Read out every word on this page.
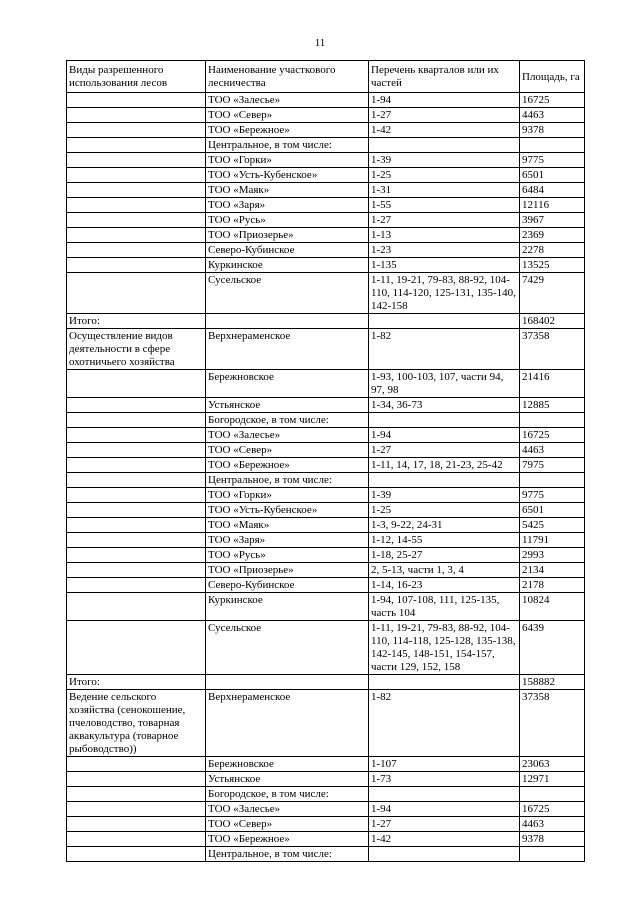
11
Виды разрешенного использования лесов	Наименование участкового лесничества	Перечень кварталов или их частей	Площадь, га
	ТОО «Залесье»	1-94	16725
	ТОО «Север»	1-27	4463
	ТОО «Бережное»	1-42	9378
	Центральное, в том числе:		
	ТОО «Горки»	1-39	9775
	ТОО «Усть-Кубенское»	1-25	6501
	ТОО «Маяк»	1-31	6484
	ТОО «Заря»	1-55	12116
	ТОО «Русь»	1-27	3967
	ТОО «Приозерье»	1-13	2369
	Северо-Кубинское	1-23	2278
	Куркинское	1-135	13525
	Сусельское	1-11, 19-21, 79-83, 88-92, 104-110, 114-120, 125-131, 135-140, 142-158	7429
Итого:			168402
Осуществление видов деятельности в сфере охотничьего хозяйства	Верхнераменское	1-82	37358
	Бережновское	1-93, 100-103, 107, части 94, 97, 98	21416
	Устьянское	1-34, 36-73	12885
	Богородское, в том числе:		
	ТОО «Залесье»	1-94	16725
	ТОО «Север»	1-27	4463
	ТОО «Бережное»	1-11, 14, 17, 18, 21-23, 25-42	7975
	Центральное, в том числе:		
	ТОО «Горки»	1-39	9775
	ТОО «Усть-Кубенское»	1-25	6501
	ТОО «Маяк»	1-3, 9-22, 24-31	5425
	ТОО «Заря»	1-12, 14-55	11791
	ТОО «Русь»	1-18, 25-27	2993
	ТОО «Приозерье»	2, 5-13, части 1, 3, 4	2134
	Северо-Кубинское	1-14, 16-23	2178
	Куркинское	1-94, 107-108, 111, 125-135, часть 104	10824
	Сусельское	1-11, 19-21, 79-83, 88-92, 104-110, 114-118, 125-128, 135-138, 142-145, 148-151, 154-157, части 129, 152, 158	6439
Итого:			158882
Ведение сельского хозяйства (сенокошение, пчеловодство, товарная аквакультура (товарное рыбоводство))	Верхнераменское	1-82	37358
	Бережновское	1-107	23063
	Устьянское	1-73	12971
	Богородское, в том числе:		
	ТОО «Залесье»	1-94	16725
	ТОО «Север»	1-27	4463
	ТОО «Бережное»	1-42	9378
	Центральное, в том числе:		
